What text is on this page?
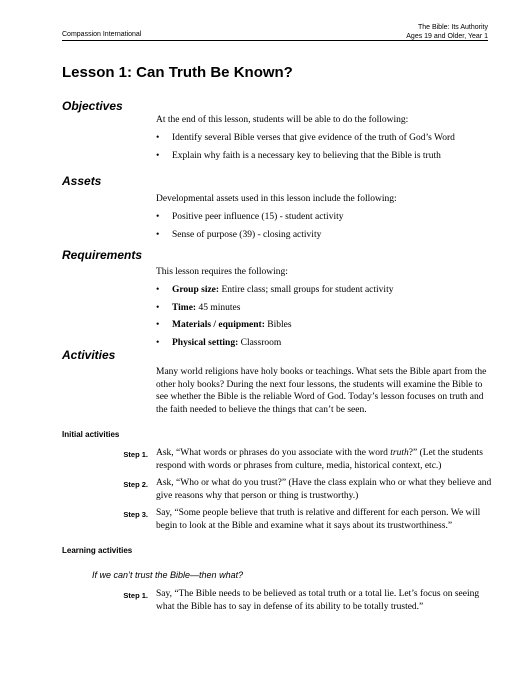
Compassion International
The Bible: Its Authority
Ages 19 and Older, Year 1
Lesson 1: Can Truth Be Known?
Objectives

At the end of this lesson, students will be able to do the following:

• Identify several Bible verses that give evidence of the truth of God’s Word
• Explain why faith is a necessary key to believing that the Bible is truth
Assets

Developmental assets used in this lesson include the following:

• Positive peer influence (15) - student activity
• Sense of purpose (39) - closing activity
Requirements

This lesson requires the following:

• Group size: Entire class; small groups for student activity
• Time: 45 minutes
• Materials / equipment: Bibles
• Physical setting: Classroom
Activities

Many world religions have holy books or teachings. What sets the Bible apart from the other holy books? During the next four lessons, the students will examine the Bible to see whether the Bible is the reliable Word of God. Today’s lesson focuses on truth and the faith needed to believe the things that can’t be seen.

Initial activities
Step 1. Ask, “What words or phrases do you associate with the word truth?” (Let the students respond with words or phrases from culture, media, historical context, etc.)

Step 2. Ask, “Who or what do you trust?” (Have the class explain who or what they believe and give reasons why that person or thing is trustworthy.)

Step 3. Say, “Some people believe that truth is relative and different for each person. We will begin to look at the Bible and examine what it says about its trustworthiness.”

Learning activities

If we can’t trust the Bible—then what?

Step 1. Say, “The Bible needs to be believed as total truth or a total lie. Let’s focus on seeing what the Bible has to say in defense of its ability to be totally trusted.”
